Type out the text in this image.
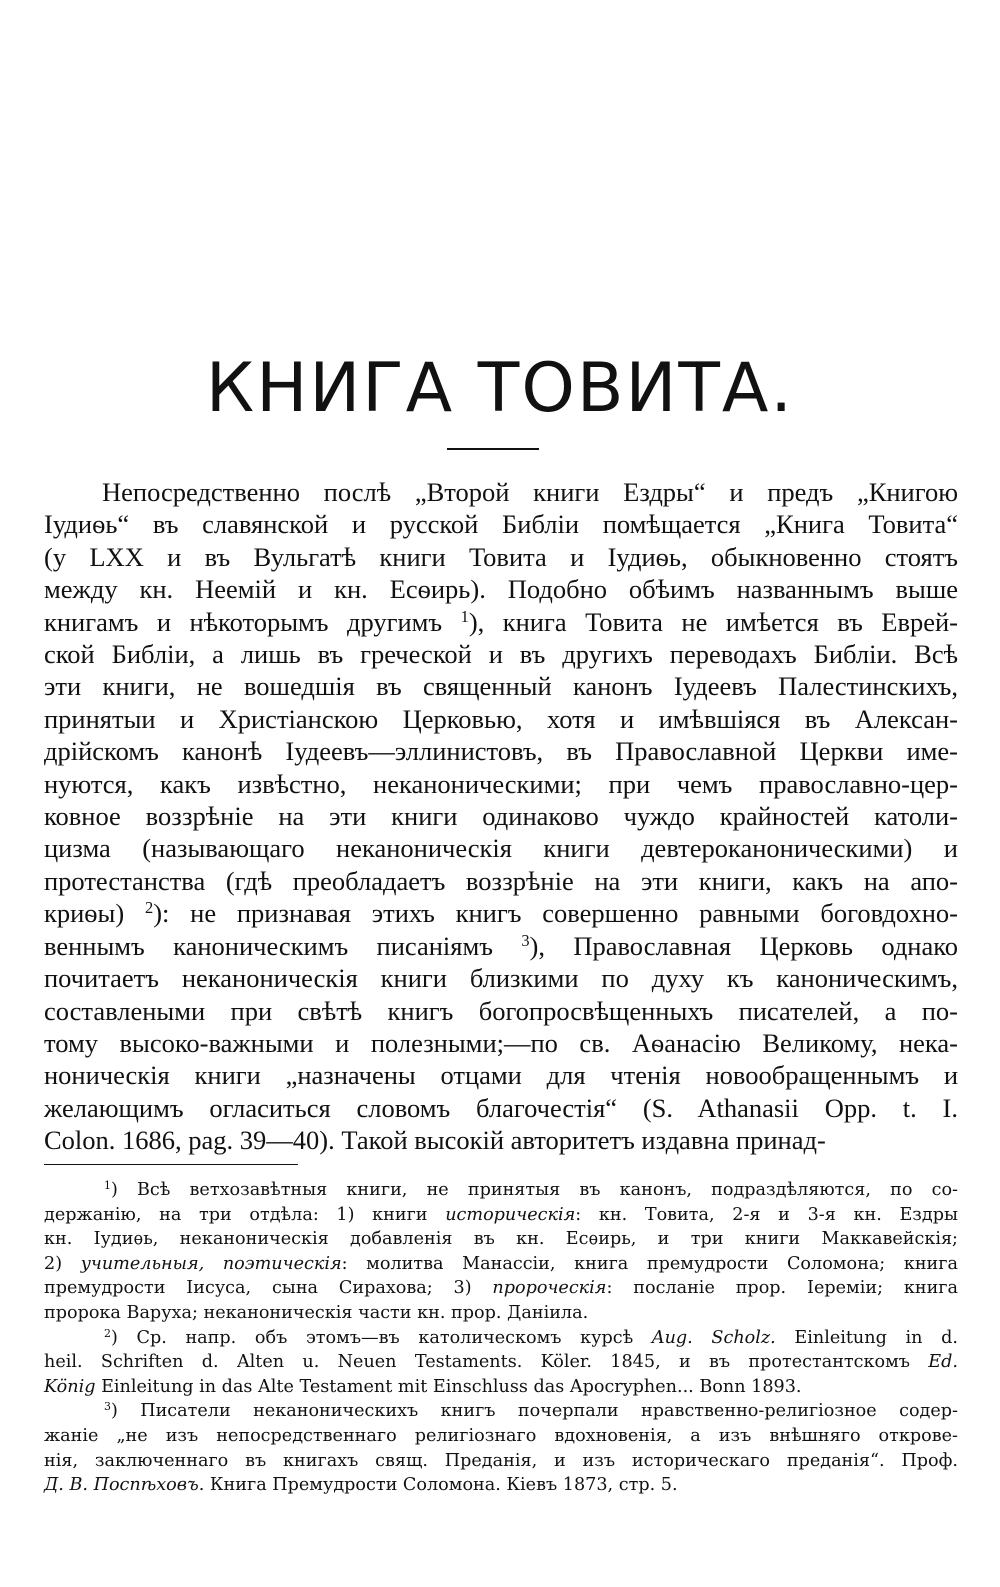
КНИГА ТОВИТА.
Непосредственно послѣ „Второй книги Ездры“ и предъ „Книгою
Іудиѳь“ въ славянской и русской Библіи помѣщается „Книга Товита“
(у LXX и въ Вульгатѣ книги Товита и Іудиѳь, обыкновенно стоятъ
между кн. Неемій и кн. Есѳирь). Подобно обѣимъ названнымъ выше
книгамъ и нѣкоторымъ другимъ $^1$), книга Товита не имѣется въ Еврей-
ской Библіи, а лишь въ греческой и въ другихъ переводахъ Библіи. Всѣ
эти книги, не вошедшія въ священный канонъ Іудеевъ Палестинскихъ,
принятыи и Христіанскою Церковью, хотя и имѣвшіяся въ Алексан-
дрійскомъ канонѣ Іудеевъ—эллинистовъ, въ Православной Церкви име-
нуются, какъ извѣстно, неканоническими; при чемъ православно-цер-
ковное воззрѣніе на эти книги одинаково чуждо крайностей католи-
цизма (называющаго неканоническія книги девтероканоническими) и
протестанства (гдѣ преобладаетъ воззрѣніе на эти книги, какъ на апо-
криѳы) $^2$): не признавая этихъ книгъ совершенно равными боговдохно-
веннымъ каноническимъ писаніямъ $^3$), Православная Церковь однако
почитаетъ неканоническія книги близкими по духу къ каноническимъ,
составлеными при свѣтѣ книгъ богопросвѣщенныхъ писателей, а по-
тому высоко-важными и полезными;—по св. Аѳанасію Великому, нека-
ноническія книги „назначены отцами для чтенія новообращеннымъ и
желающимъ огласиться словомъ благочестія“ (S. Athanasii Opp. t. I.
Colon. 1686, pag. 39—40). Такой высокій авторитетъ издавна принад-
$^1$) Всѣ ветхозавѣтныя книги, не принятыя въ канонъ, подраздѣляются, по со-
держанію, на три отдѣла: 1) книги историческія: кн. Товита, 2-я и 3-я кн. Ездры
кн. Іудиѳь, неканоническія добавленія въ кн. Есѳирь, и три книги Маккавейскія;
2) учительныя, поэтическія: молитва Манассіи, книга премудрости Соломона; книга
премудрости Іисуса, сына Сирахова; 3) пророческія: посланіе прор. Іереміи; книга
пророка Варуха; неканоническія части кн. прор. Даніила.
$^2$) Ср. напр. объ этомъ—въ католическомъ курсѣ Aug. Scholz. Einleitung in d.
heil. Schriften d. Alten u. Neuen Testaments. Köler. 1845, и въ протестантскомъ Ed.
König Einleitung in das Alte Testament mit Einschluss das Apocryphen... Bonn 1893.
$^3$) Писатели неканоническихъ книгъ почерпали нравственно-религіозное содер-
жаніе „не изъ непосредственнаго религіознаго вдохновенія, а изъ внѣшняго открове-
нія, заключеннаго въ книгахъ свящ. Преданія, и изъ историческаго преданія“. Проф.
Д. В. Поспѣховъ. Книга Премудрости Соломона. Кіевъ 1873, стр. 5.
